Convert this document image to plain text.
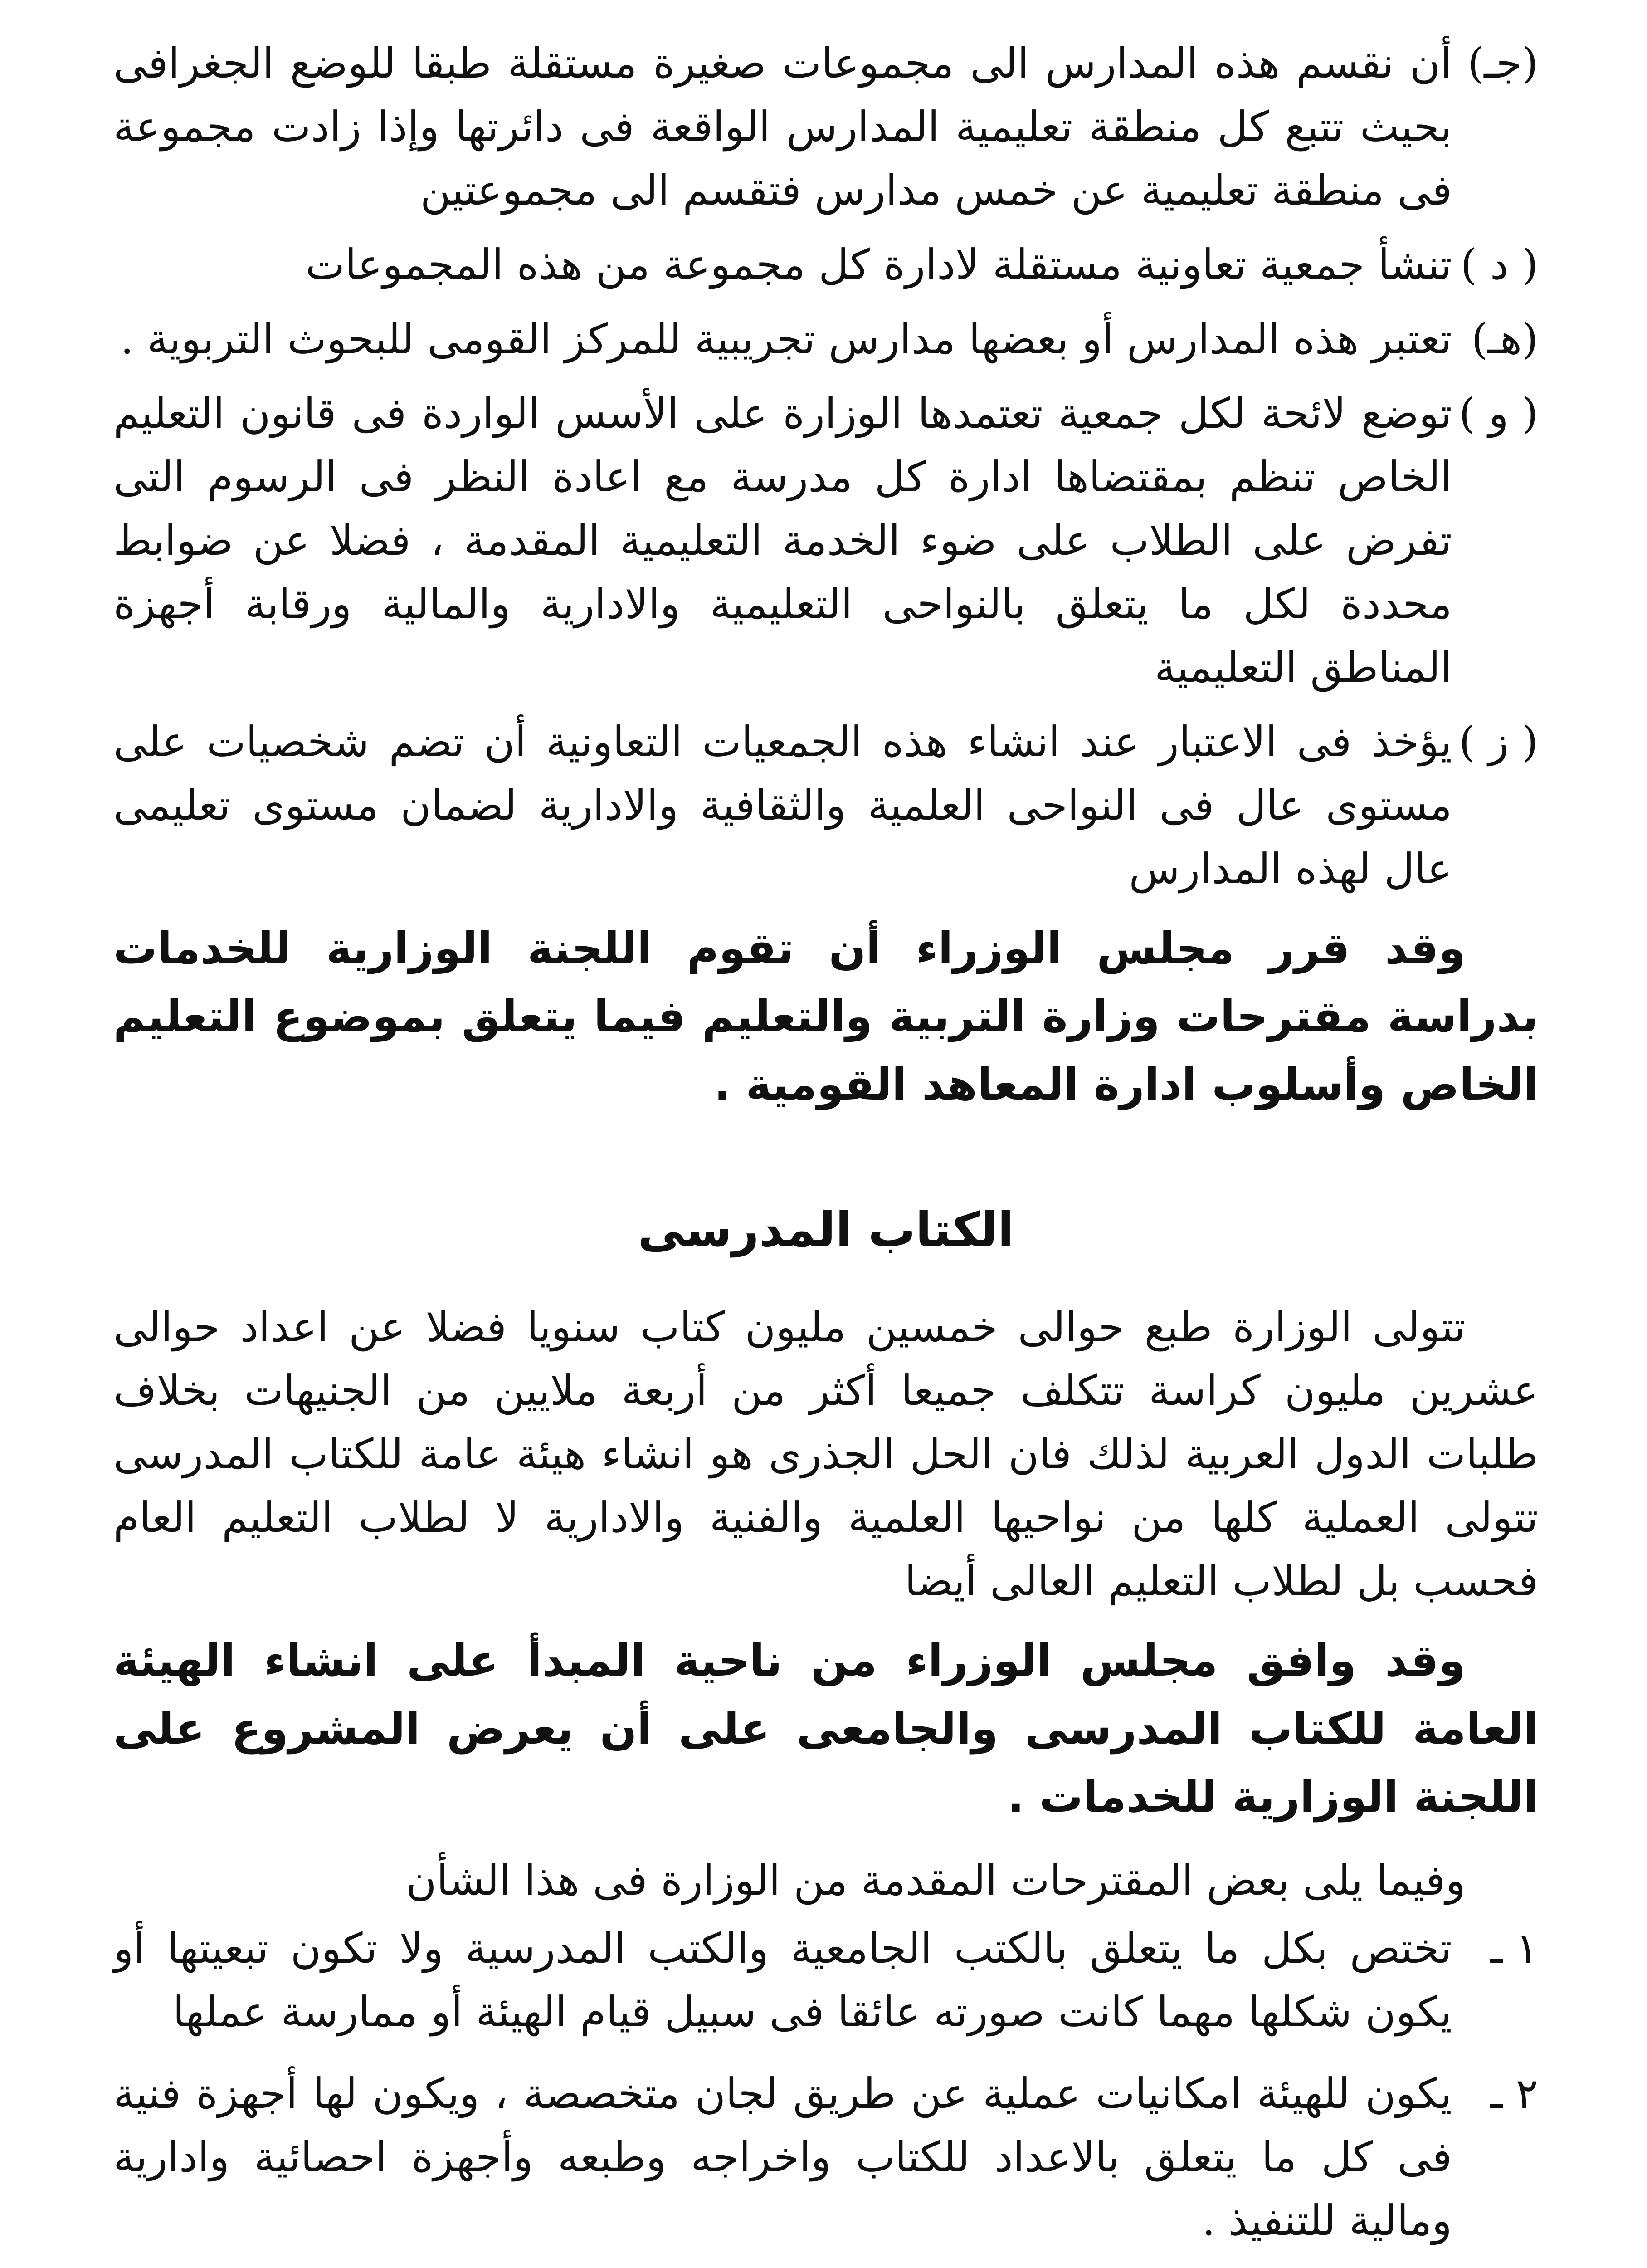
(جـ)
أن نقسم هذه المدارس الى مجموعات صغيرة مستقلة طبقا للوضع الجغرافى بحيث تتبع كل منطقة تعليمية المدارس الواقعة فى دائرتها وإذا زادت مجموعة فى منطقة تعليمية عن خمس مدارس فتقسم الى مجموعتين
( د )
تنشأ جمعية تعاونية مستقلة لادارة كل مجموعة من هذه المجموعات
(هـ)
تعتبر هذه المدارس أو بعضها مدارس تجريبية للمركز القومى للبحوث التربوية .
( و )
توضع لائحة لكل جمعية تعتمدها الوزارة على الأسس الواردة فى قانون التعليم الخاص تنظم بمقتضاها ادارة كل مدرسة مع اعادة النظر فى الرسوم التى تفرض على الطلاب على ضوء الخدمة التعليمية المقدمة ، فضلا عن ضوابط محددة لكل ما يتعلق بالنواحى التعليمية والادارية والمالية ورقابة أجهزة المناطق التعليمية
( ز )
يؤخذ فى الاعتبار عند انشاء هذه الجمعيات التعاونية أن تضم شخصيات على مستوى عال فى النواحى العلمية والثقافية والادارية لضمان مستوى تعليمى عال لهذه المدارس

وقد قرر مجلس الوزراء أن تقوم اللجنة الوزارية للخدمات بدراسة مقترحات وزارة التربية والتعليم فيما يتعلق بموضوع التعليم الخاص وأسلوب ادارة المعاهد القومية .

الكتاب المدرسى

تتولى الوزارة طبع حوالى خمسين مليون كتاب سنويا فضلا عن اعداد حوالى عشرين مليون كراسة تتكلف جميعا أكثر من أربعة ملايين من الجنيهات بخلاف طلبات الدول العربية لذلك فان الحل الجذرى هو انشاء هيئة عامة للكتاب المدرسى تتولى العملية كلها من نواحيها العلمية والفنية والادارية لا لطلاب التعليم العام فحسب بل لطلاب التعليم العالى أيضا

وقد وافق مجلس الوزراء من ناحية المبدأ على انشاء الهيئة العامة للكتاب المدرسى والجامعى على أن يعرض المشروع على اللجنة الوزارية للخدمات .

وفيما يلى بعض المقترحات المقدمة من الوزارة فى هذا الشأن

١ ـ
تختص بكل ما يتعلق بالكتب الجامعية والكتب المدرسية ولا تكون تبعيتها أو يكون شكلها مهما كانت صورته عائقا فى سبيل قيام الهيئة أو ممارسة عملها
٢ ـ
يكون للهيئة امكانيات عملية عن طريق لجان متخصصة ، ويكون لها أجهزة فنية فى كل ما يتعلق بالاعداد للكتاب واخراجه وطبعه وأجهزة احصائية وادارية ومالية للتنفيذ .
